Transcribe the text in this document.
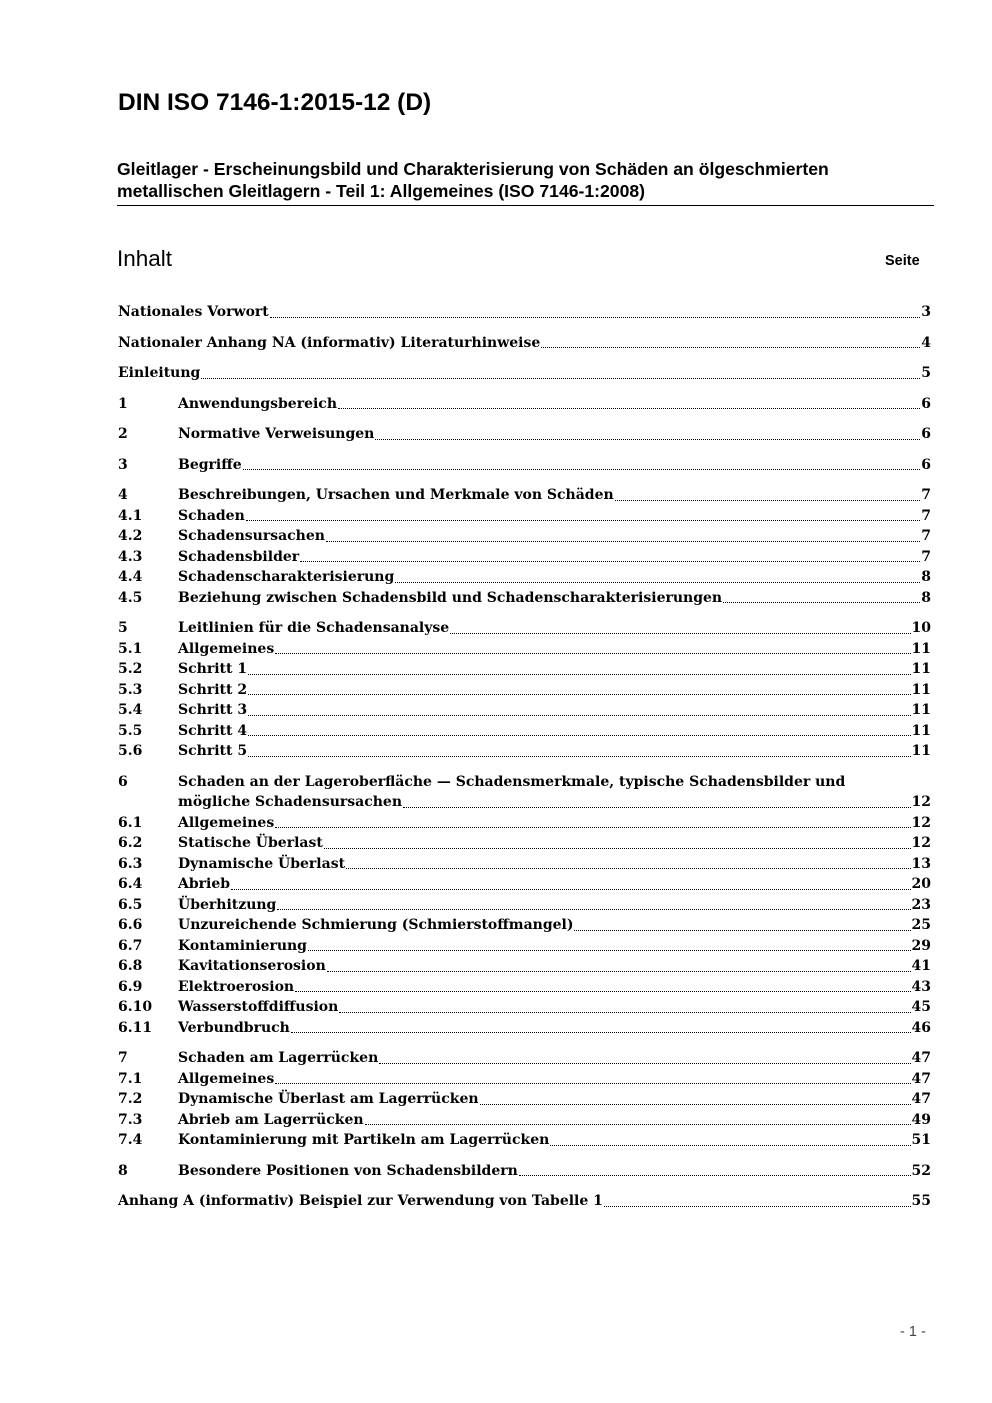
DIN ISO 7146-1:2015-12 (D)

Gleitlager - Erscheinungsbild und Charakterisierung von Schäden an ölgeschmierten metallischen Gleitlagern - Teil 1: Allgemeines (ISO 7146-1:2008)

Inhalt	Seite
Nationales Vorwort	3
Nationaler Anhang NA (informativ) Literaturhinweise	4
Einleitung	5
1	Anwendungsbereich	6
2	Normative Verweisungen	6
3	Begriffe	6
4	Beschreibungen, Ursachen und Merkmale von Schäden	7
4.1	Schaden	7
4.2	Schadensursachen	7
4.3	Schadensbilder	7
4.4	Schadenscharakterisierung	8
4.5	Beziehung zwischen Schadensbild und Schadenscharakterisierungen	8
5	Leitlinien für die Schadensanalyse	10
5.1	Allgemeines	11
5.2	Schritt 1	11
5.3	Schritt 2	11
5.4	Schritt 3	11
5.5	Schritt 4	11
5.6	Schritt 5	11
6	Schaden an der Lageroberfläche — Schadensmerkmale, typische Schadensbilder und
mögliche Schadensursachen	12
6.1	Allgemeines	12
6.2	Statische Überlast	12
6.3	Dynamische Überlast	13
6.4	Abrieb	20
6.5	Überhitzung	23
6.6	Unzureichende Schmierung (Schmierstoffmangel)	25
6.7	Kontaminierung	29
6.8	Kavitationserosion	41
6.9	Elektroerosion	43
6.10	Wasserstoffdiffusion	45
6.11	Verbundbruch	46
7	Schaden am Lagerrücken	47
7.1	Allgemeines	47
7.2	Dynamische Überlast am Lagerrücken	47
7.3	Abrieb am Lagerrücken	49
7.4	Kontaminierung mit Partikeln am Lagerrücken	51
8	Besondere Positionen von Schadensbildern	52
Anhang A (informativ) Beispiel zur Verwendung von Tabelle 1	55
- 1 -
